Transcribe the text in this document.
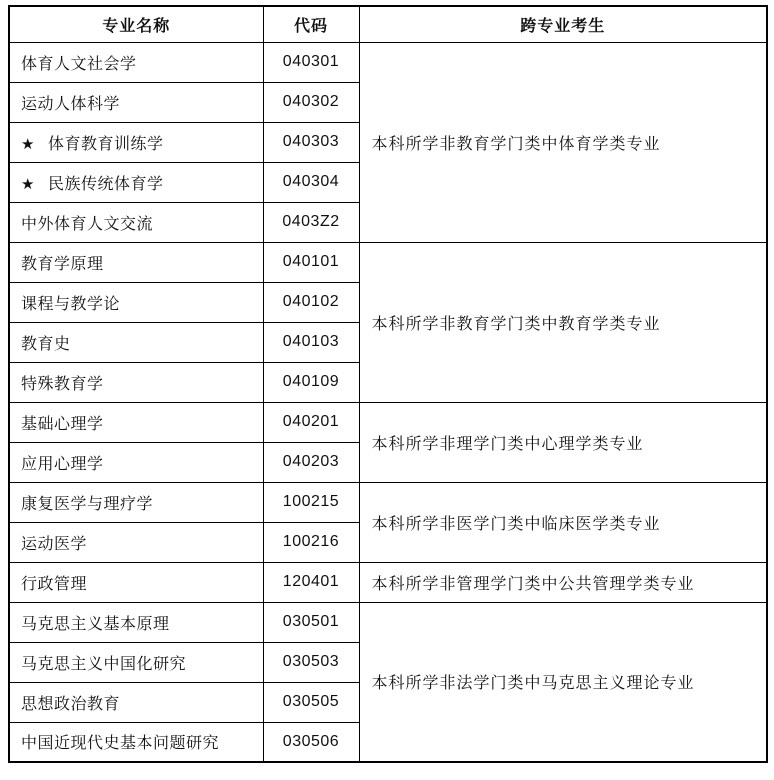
专业名称	代码	跨专业考生
体育人文社会学	040301	本科所学非教育学门类中体育学类专业
运动人体科学	040302	
★ 体育教育训练学	040303	
★ 民族传统体育学	040304	
中外体育人文交流	0403Z2	
教育学原理	040101	本科所学非教育学门类中教育学类专业
课程与教学论	040102	
教育史	040103	
特殊教育学	040109	
基础心理学	040201	本科所学非理学门类中心理学类专业
应用心理学	040203	
康复医学与理疗学	100215	本科所学非医学门类中临床医学类专业
运动医学	100216	
行政管理	120401	本科所学非管理学门类中公共管理学类专业
马克思主义基本原理	030501	本科所学非法学门类中马克思主义理论专业
马克思主义中国化研究	030503	
思想政治教育	030505	
中国近现代史基本问题研究	030506	
